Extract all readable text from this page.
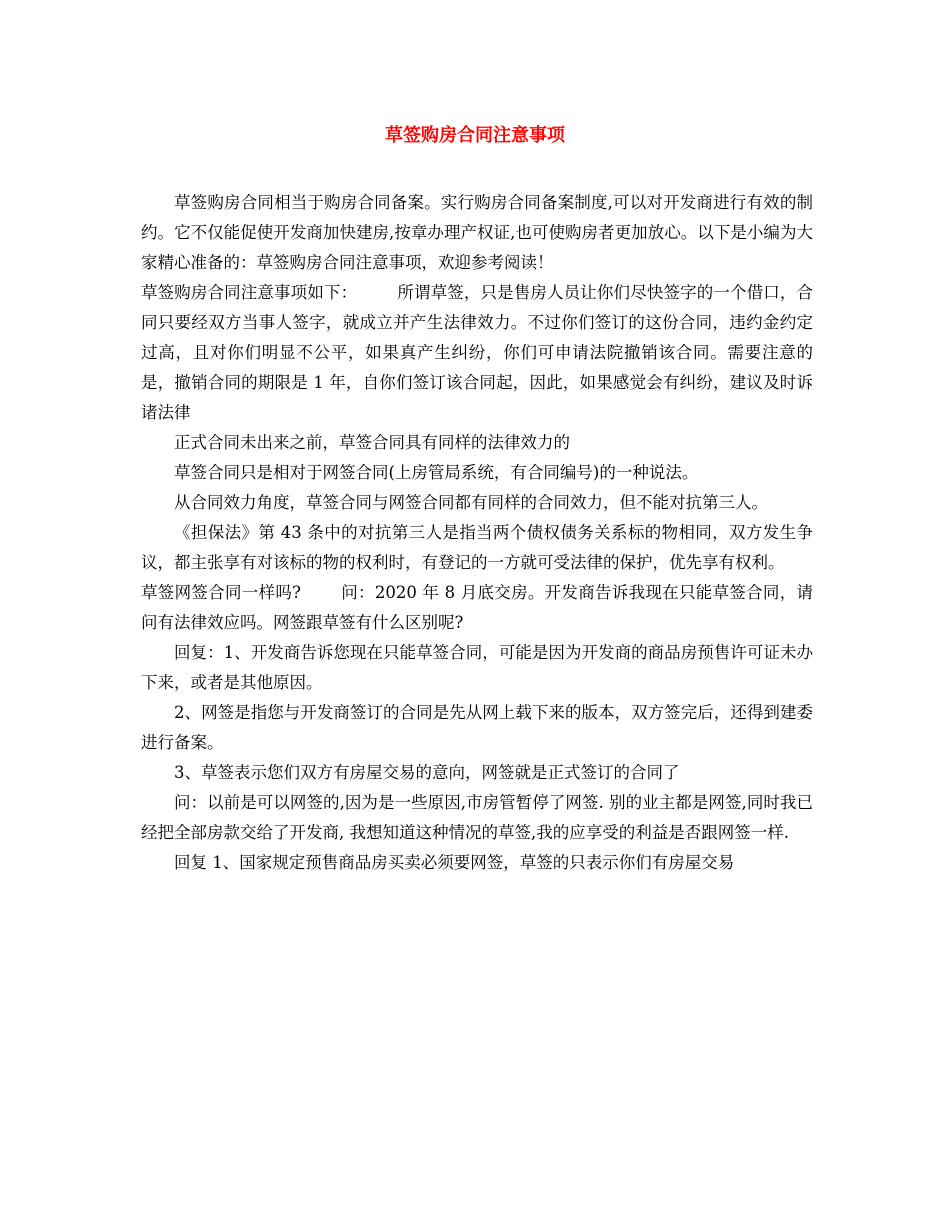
草签购房合同注意事项

草签购房合同相当于购房合同备案。实行购房合同备案制度,可以对开发商进行有效的制约。它不仅能促使开发商加快建房,按章办理产权证,也可使购房者更加放心。以下是小编为大家精心准备的：草签购房合同注意事项，欢迎参考阅读！

草签购房合同注意事项如下： 所谓草签，只是售房人员让你们尽快签字的一个借口，合同只要经双方当事人签字，就成立并产生法律效力。不过你们签订的这份合同，违约金约定过高，且对你们明显不公平，如果真产生纠纷，你们可申请法院撤销该合同。需要注意的是，撤销合同的期限是 1 年，自你们签订该合同起，因此，如果感觉会有纠纷，建议及时诉诸法律

正式合同未出来之前，草签合同具有同样的法律效力的

草签合同只是相对于网签合同(上房管局系统，有合同编号)的一种说法。

从合同效力角度，草签合同与网签合同都有同样的合同效力，但不能对抗第三人。

《担保法》第 43 条中的对抗第三人是指当两个债权债务关系标的物相同，双方发生争议，都主张享有对该标的物的权利时，有登记的一方就可受法律的保护，优先享有权利。

草签网签合同一样吗? 问：2020 年 8 月底交房。开发商告诉我现在只能草签合同，请问有法律效应吗。网签跟草签有什么区别呢?

回复：1、开发商告诉您现在只能草签合同，可能是因为开发商的商品房预售许可证未办下来，或者是其他原因。

2、网签是指您与开发商签订的合同是先从网上载下来的版本，双方签完后，还得到建委进行备案。

3、草签表示您们双方有房屋交易的意向，网签就是正式签订的合同了

问：以前是可以网签的,因为是一些原因,市房管暂停了网签. 别的业主都是网签,同时我已经把全部房款交给了开发商, 我想知道这种情况的草签,我的应享受的利益是否跟网签一样.

回复 1、国家规定预售商品房买卖必须要网签，草签的只表示你们有房屋交易
